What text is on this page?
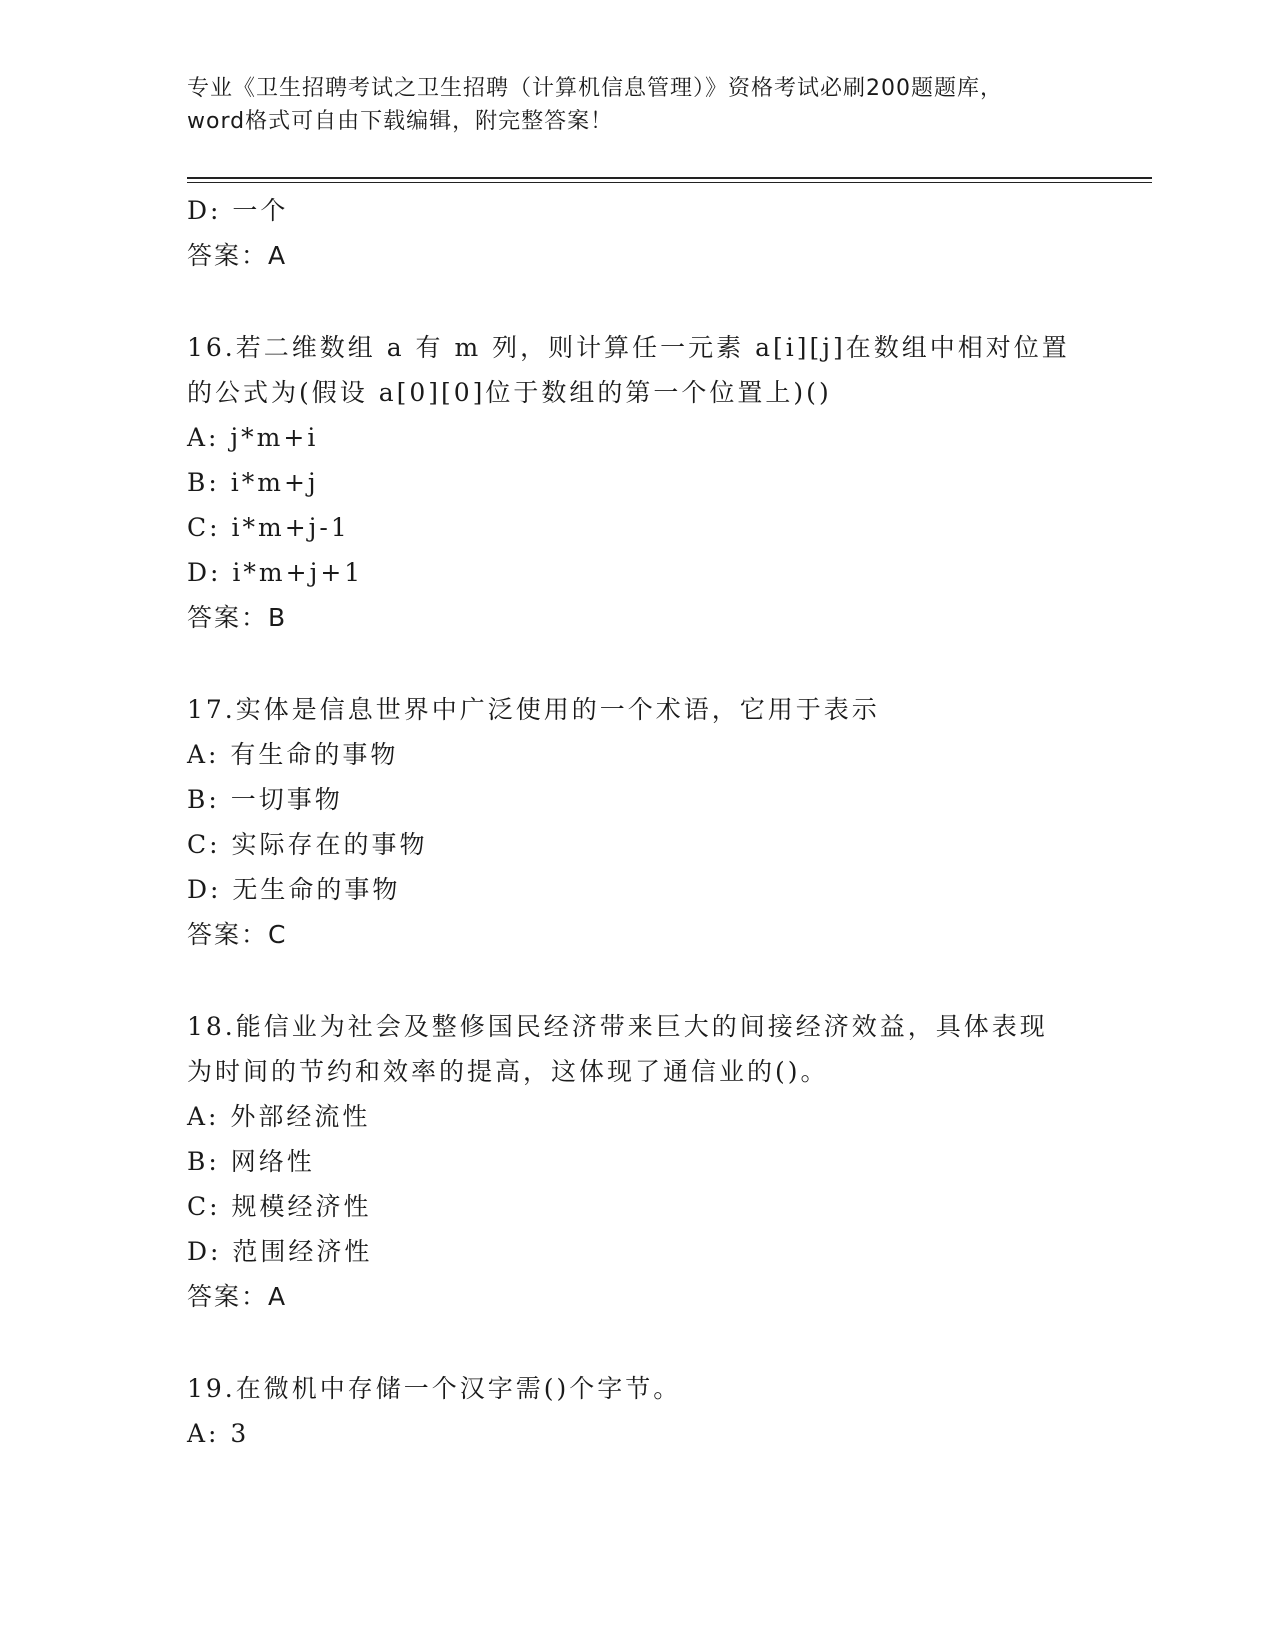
专业《卫生招聘考试之卫生招聘（计算机信息管理）》资格考试必刷200题题库，
word格式可自由下载编辑，附完整答案！
D: 一个
答案：A
16.若二维数组 a 有 m 列，则计算任一元素 a[i][j]在数组中相对位置
的公式为(假设 a[0][0]位于数组的第一个位置上)()
A: j*m+i
B: i*m+j
C: i*m+j-1
D: i*m+j+1
答案：B
17.实体是信息世界中广泛使用的一个术语，它用于表示
A: 有生命的事物
B: 一切事物
C: 实际存在的事物
D: 无生命的事物
答案：C
18.能信业为社会及整修国民经济带来巨大的间接经济效益，具体表现
为时间的节约和效率的提高，这体现了通信业的()。
A: 外部经流性
B: 网络性
C: 规模经济性
D: 范围经济性
答案：A
19.在微机中存储一个汉字需()个字节。
A: 3
